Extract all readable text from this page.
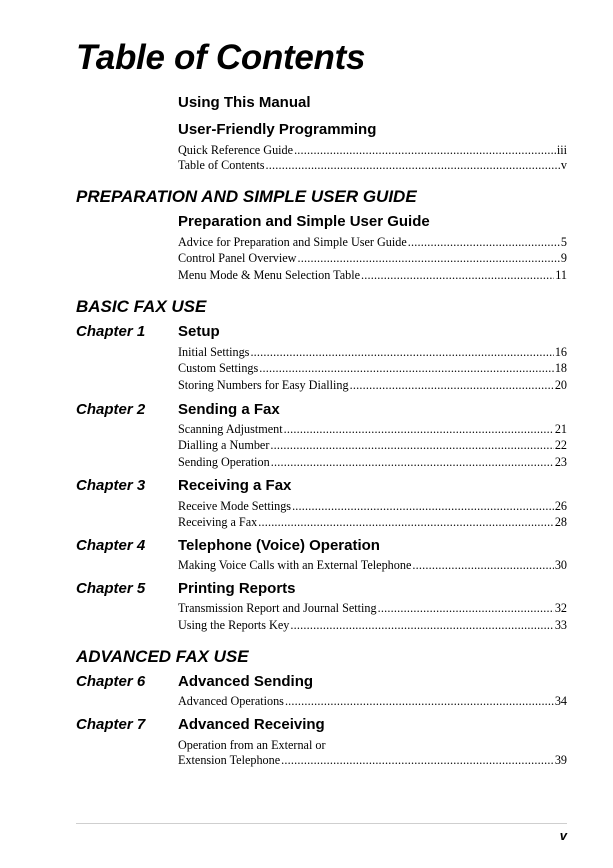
Table of Contents
Using This Manual
User-Friendly Programming
Quick Reference Guide .....	iii
Table of Contents .....	v
PREPARATION AND SIMPLE USER GUIDE
Preparation and Simple User Guide
Advice for Preparation and Simple User Guide .....	5
Control Panel Overview .....	9
Menu Mode & Menu Selection Table .....	11
BASIC FAX USE
Chapter 1 Setup
Initial Settings .....	16
Custom Settings .....	18
Storing Numbers for Easy Dialling .....	20
Chapter 2 Sending a Fax
Scanning Adjustment .....	21
Dialling a Number .....	22
Sending Operation .....	23
Chapter 3 Receiving a Fax
Receive Mode Settings .....	26
Receiving a Fax .....	28
Chapter 4 Telephone (Voice) Operation
Making Voice Calls with an External Telephone .....	30
Chapter 5 Printing Reports
Transmission Report and Journal Setting .....	32
Using the Reports Key .....	33
ADVANCED FAX USE
Chapter 6 Advanced Sending
Advanced Operations .....	34
Chapter 7 Advanced Receiving
Operation from an External or
Extension Telephone .....	39
v
